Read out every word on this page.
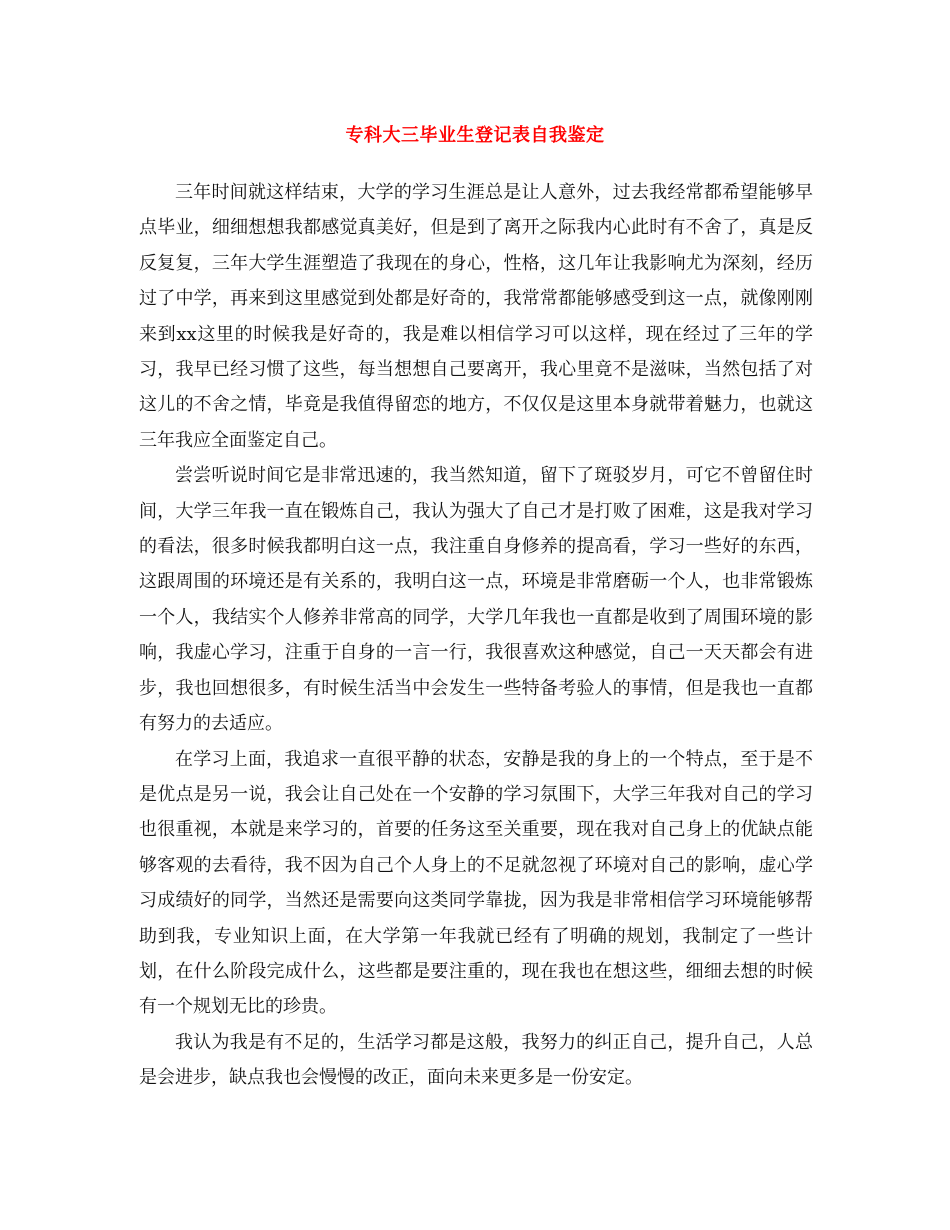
专科大三毕业生登记表自我鉴定

三年时间就这样结束，大学的学习生涯总是让人意外，过去我经常都希望能够早点毕业，细细想想我都感觉真美好，但是到了离开之际我内心此时有不舍了，真是反反复复，三年大学生涯塑造了我现在的身心，性格，这几年让我影响尤为深刻，经历过了中学，再来到这里感觉到处都是好奇的，我常常都能够感受到这一点，就像刚刚来到xx这里的时候我是好奇的，我是难以相信学习可以这样，现在经过了三年的学习，我早已经习惯了这些，每当想想自己要离开，我心里竟不是滋味，当然包括了对这儿的不舍之情，毕竟是我值得留恋的地方，不仅仅是这里本身就带着魅力，也就这三年我应全面鉴定自己。

尝尝听说时间它是非常迅速的，我当然知道，留下了斑驳岁月，可它不曾留住时间，大学三年我一直在锻炼自己，我认为强大了自己才是打败了困难，这是我对学习的看法，很多时候我都明白这一点，我注重自身修养的提高看，学习一些好的东西，这跟周围的环境还是有关系的，我明白这一点，环境是非常磨砺一个人，也非常锻炼一个人，我结实个人修养非常高的同学，大学几年我也一直都是收到了周围环境的影响，我虚心学习，注重于自身的一言一行，我很喜欢这种感觉，自己一天天都会有进步，我也回想很多，有时候生活当中会发生一些特备考验人的事情，但是我也一直都有努力的去适应。

在学习上面，我追求一直很平静的状态，安静是我的身上的一个特点，至于是不是优点是另一说，我会让自己处在一个安静的学习氛围下，大学三年我对自己的学习也很重视，本就是来学习的，首要的任务这至关重要，现在我对自己身上的优缺点能够客观的去看待，我不因为自己个人身上的不足就忽视了环境对自己的影响，虚心学习成绩好的同学，当然还是需要向这类同学靠拢，因为我是非常相信学习环境能够帮助到我，专业知识上面，在大学第一年我就已经有了明确的规划，我制定了一些计划，在什么阶段完成什么，这些都是要注重的，现在我也在想这些，细细去想的时候有一个规划无比的珍贵。

我认为我是有不足的，生活学习都是这般，我努力的纠正自己，提升自己，人总是会进步，缺点我也会慢慢的改正，面向未来更多是一份安定。
